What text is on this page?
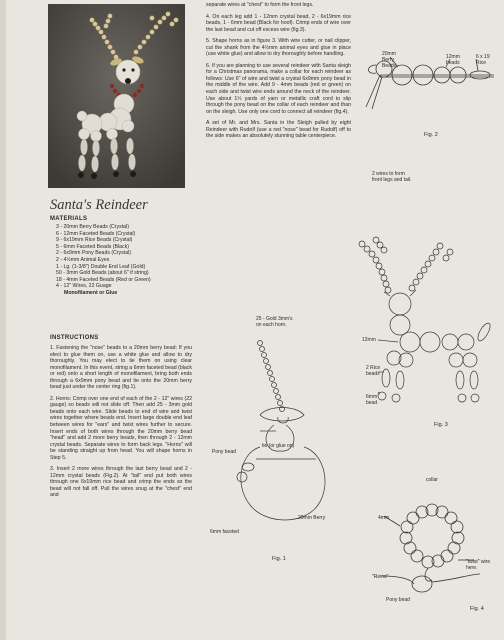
Santa's Reindeer
MATERIALS
3 - 20mm Berry Beads (Crystal)
6 - 12mm Faceted Beads (Crystal)
9 - 6x19mm Rice Beads (Crystal)
5 - 6mm Faceted Beads (Black)
2 - 6x9mm Pony Beads (Crystal)
2 - 4½mm Animal Eyes
1 - Lg. (1-3/8") Double End Leaf (Gold)
50 - 3mm Gold Beads (about 6" if string)
18 - 4mm Faceted Beads (Red or Green)
4 - 12" Wires, 22 Guage
Monofilament or Glue
INSTRUCTIONS

1. Fastening the "nose" beads to a 20mm berry bead: If you elect to glue them on, use a white glue and allow to dry thoroughly. You may elect to tie them on using clear monofilament. In this event, string a 6mm faceted bead (black or red) onto a short length of monofilament, bring both ends through a 6x9mm pony bead and tie onto the 20mm berry bead just under the center ring (fig.1).

2. Horns: Crimp over one end of each of the 2 - 12" wires (22 gauge) so beads will not slide off. Then add 25 - 3mm gold beads onto each wire. Slide beads to end of wire and twist wires together where beads end. Insert large double end leaf between wires for "ears" and twist wires further to secure. Insert ends of both wires through the 20mm berry bead "head" and add 2 more berry beads, then through 2 - 12mm crystal beads. Separate wires to form back legs. "Horns" will be standing straight up from head. You will shape horns in Step 5.

3. Insert 2 more wires through the last berry bead and 2 - 12mm crystal beads (Fig.2). At "tail" end put both wires through one 6x19mm rice bead and crimp the ends so the bead will not fall off. Pull the wires snug at the "chest" end and

separate wires at "chest" to form the front legs.

4. On each leg add 1 - 12mm crystal bead, 2 - 6x19mm rice beads, 1 - 6mm bead (Black for hoof). Crimp ends of wire over the last bead and cut off excess wire (fig.3).

5. Shape horns as in figure 3. With wire cutter, or nail clipper, cut the shank from the 4½mm animal eyes and glue in place (use white glue) and allow to dry thoroughly before handling.

6. If you are planning to use several reindeer with Santa sleigh for a Christmas panorama, make a collar for each reindeer as follows: Use 6" of wire and twist a crystal 6x9mm pony bead in the middle of the wire. Add 9 - 4mm beads (red or green) on each side and twist wire ends around the neck of the reindeer. Use about 1½ yards of yarn or metallic craft cord to slip through the pony bead on the collar of each reindeer and than on the sleigh. Use only one cord to connect all reindeer (fig.4).

A set of Mr. and Mrs. Santa in the Sleigh pulled by eight Reindeer with Rudolf (use a red "nose" bead for Rudolf) off to the side makes an absolutely stunning table centerpiece.

20mm
Berry
Beads
12mm
beads
6 x 19
Rice
Fig. 2
2 wires to form
front legs and tail.
12mm
2 Rice
beads
6mm
bead
Fig. 3
25 - Gold 3mm's
on each horn.
tie (or glue on)
Pony bead
6mm faceted
20mm Berry
Fig. 1
collar
4mm
"twist" wire
here.
"Reins"
Pony bead
Fig. 4
